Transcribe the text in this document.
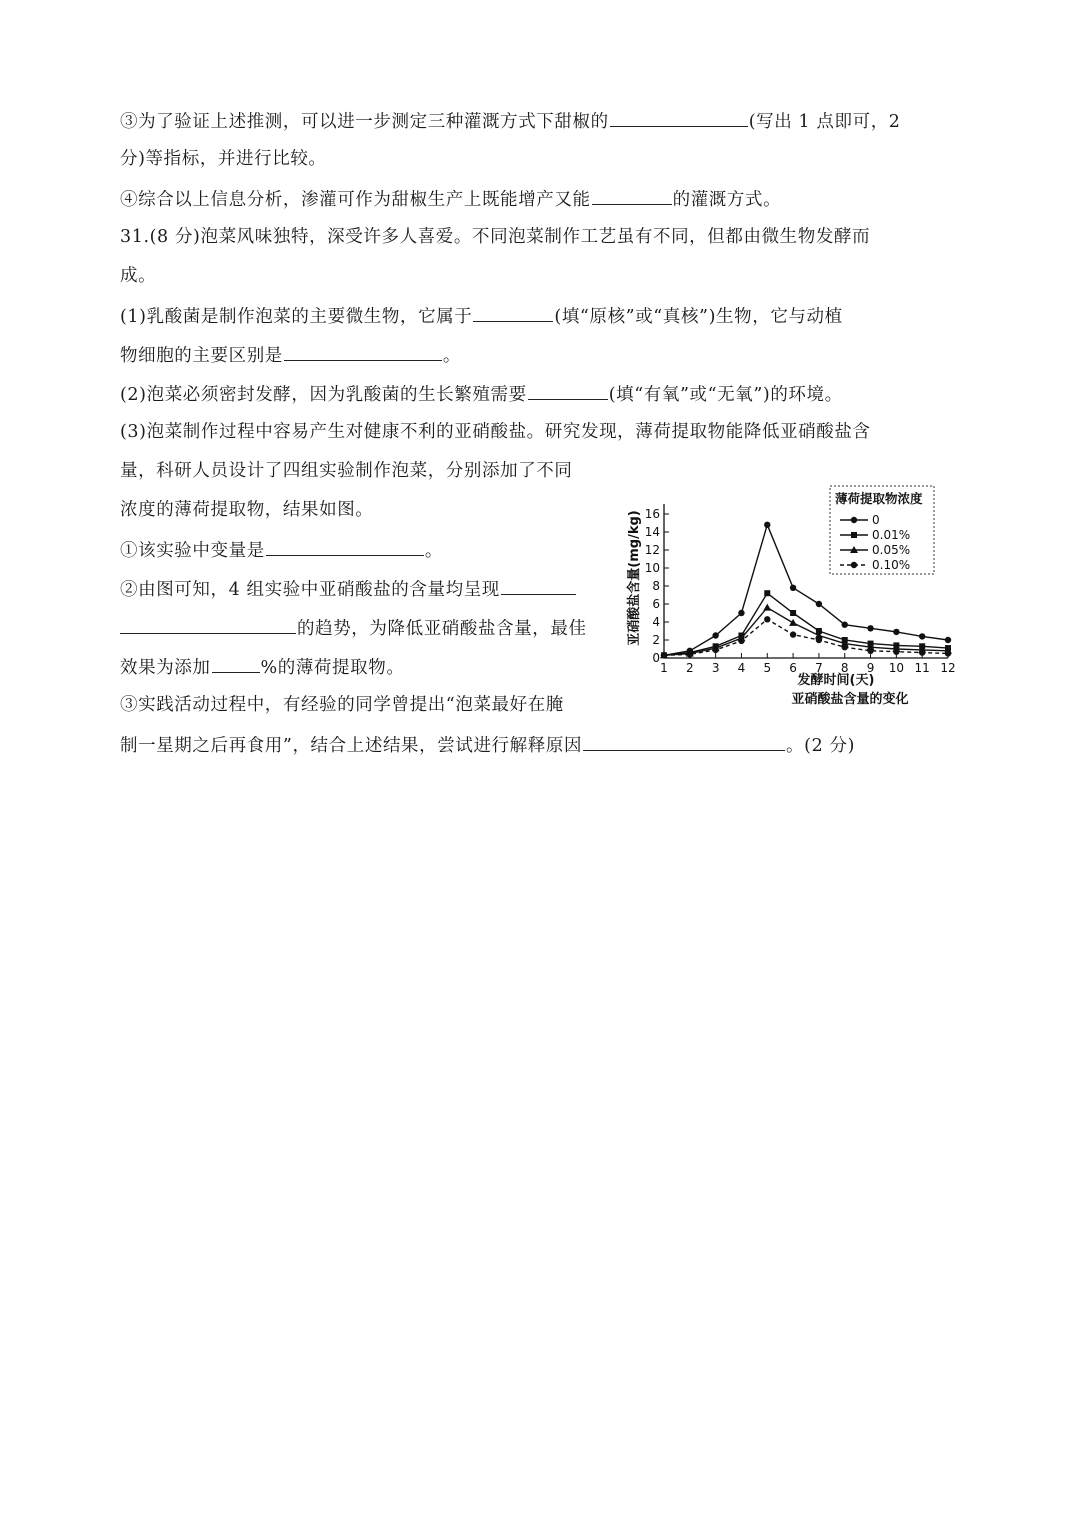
③为了验证上述推测，可以进一步测定三种灌溉方式下甜椒的	(写出 1 点即可，2
分)等指标，并进行比较。
④综合以上信息分析，渗灌可作为甜椒生产上既能增产又能	的灌溉方式。
31.(8 分)泡菜风味独特，深受许多人喜爱。不同泡菜制作工艺虽有不同，但都由微生物发酵而
成。
(1)乳酸菌是制作泡菜的主要微生物，它属于	(填“原核”或“真核”)生物，它与动植
物细胞的主要区别是	。
(2)泡菜必须密封发酵，因为乳酸菌的生长繁殖需要	(填“有氧”或“无氧”)的环境。
(3)泡菜制作过程中容易产生对健康不利的亚硝酸盐。研究发现，薄荷提取物能降低亚硝酸盐含
量，科研人员设计了四组实验制作泡菜，分别添加了不同
浓度的薄荷提取物，结果如图。
①该实验中变量是	。
②由图可知，4 组实验中亚硝酸盐的含量均呈现
的趋势，为降低亚硝酸盐含量，最佳
效果为添加	%的薄荷提取物。
③实践活动过程中，有经验的同学曾提出“泡菜最好在腌
制一星期之后再食用”，结合上述结果，尝试进行解释原因	。(2 分)
亚硝酸盐含量(mg/kg)
发酵时间(天)
亚硝酸盐含量的变化
薄荷提取物浓度
0
2
4
6
8
10
12
14
16
1 2 3 4 5 6 7 8 9 10 11 12
0
0.01%
0.05%
0.10%
